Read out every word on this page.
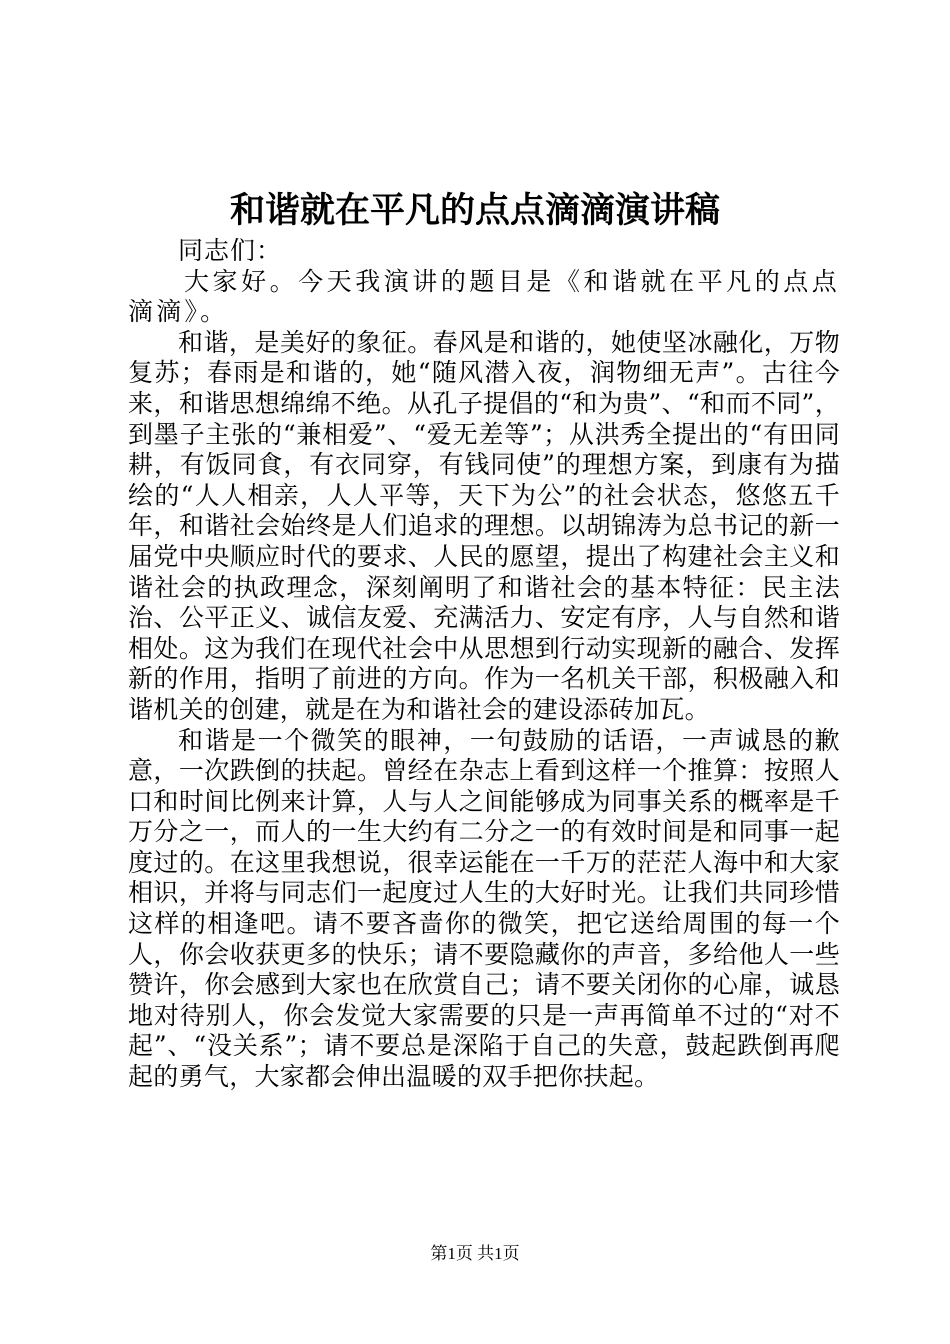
和谐就在平凡的点点滴滴演讲稿

同志们：

大家好。今天我演讲的题目是《和谐就在平凡的点点滴滴》。

和谐，是美好的象征。春风是和谐的，她使坚冰融化，万物复苏；春雨是和谐的，她“随风潜入夜，润物细无声”。古往今来，和谐思想绵绵不绝。从孔子提倡的“和为贵”、“和而不同”，到墨子主张的“兼相爱”、“爱无差等”；从洪秀全提出的“有田同耕，有饭同食，有衣同穿，有钱同使”的理想方案，到康有为描绘的“人人相亲，人人平等，天下为公”的社会状态，悠悠五千年，和谐社会始终是人们追求的理想。以胡锦涛为总书记的新一届党中央顺应时代的要求、人民的愿望，提出了构建社会主义和谐社会的执政理念，深刻阐明了和谐社会的基本特征：民主法治、公平正义、诚信友爱、充满活力、安定有序，人与自然和谐相处。这为我们在现代社会中从思想到行动实现新的融合、发挥新的作用，指明了前进的方向。作为一名机关干部，积极融入和谐机关的创建，就是在为和谐社会的建设添砖加瓦。

和谐是一个微笑的眼神，一句鼓励的话语，一声诚恳的歉意，一次跌倒的扶起。曾经在杂志上看到这样一个推算：按照人口和时间比例来计算，人与人之间能够成为同事关系的概率是千万分之一，而人的一生大约有二分之一的有效时间是和同事一起度过的。在这里我想说，很幸运能在一千万的茫茫人海中和大家相识，并将与同志们一起度过人生的大好时光。让我们共同珍惜这样的相逢吧。请不要吝啬你的微笑，把它送给周围的每一个人，你会收获更多的快乐；请不要隐藏你的声音，多给他人一些赞许，你会感到大家也在欣赏自己；请不要关闭你的心扉，诚恳地对待别人，你会发觉大家需要的只是一声再简单不过的“对不起”、“没关系”；请不要总是深陷于自己的失意，鼓起跌倒再爬起的勇气，大家都会伸出温暖的双手把你扶起。

第1页 共1页
